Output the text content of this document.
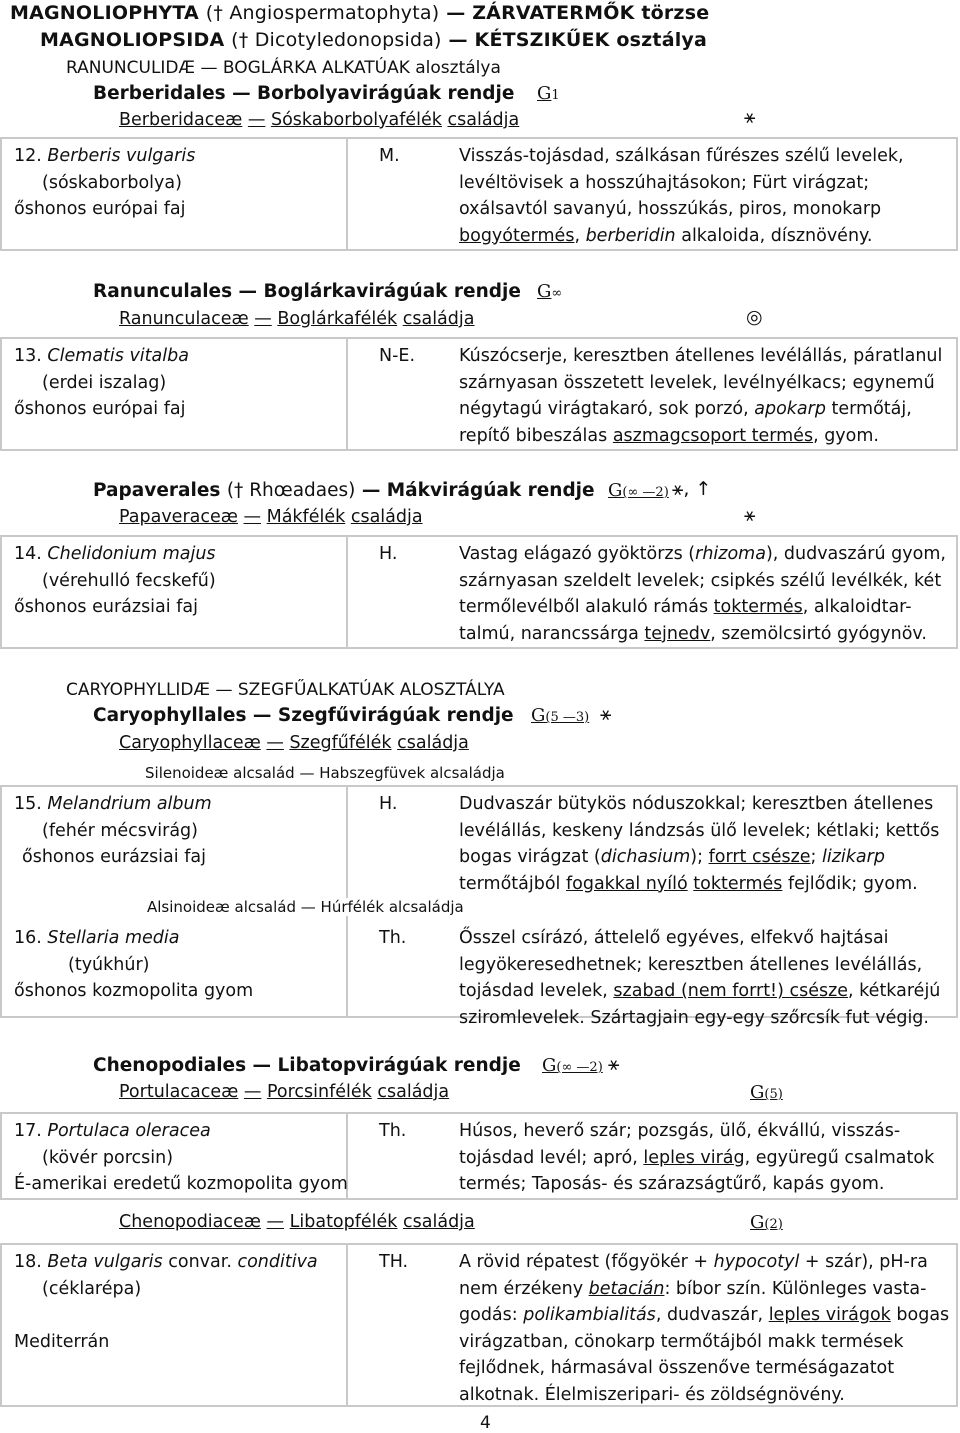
MAGNOLIOPHYTA († Angiospermatophyta) — ZÁRVATERMŐK törzse
MAGNOLIOPSIDA († Dicotyledonopsida) — KÉTSZIKŰEK osztálya
RANUNCULIDÆ — BOGLÁRKA ALKATÚAK alosztálya
Berberidales — Borbolyavirágúak rendje G1
Berberidaceæ — Sóskaborbolyafélék családja	⚹
12. Berberis vulgaris
(sóskaborbolya)
őshonos európai faj
M.	Visszás-tojásdad, szálkásan fűrészes szélű levelek,
levéltövisek a hosszúhajtásokon; Fürt virágzat;
oxálsavtól savanyú, hosszúkás, piros, monokarp
bogyótermés, berberidin alkaloida, dísznövény.
Ranunculales — Boglárkavirágúak rendje G∞
Ranunculaceæ — Boglárkafélék családja	◎
13. Clematis vitalba
(erdei iszalag)
őshonos európai faj
N-E.	Kúszócserje, keresztben átellenes levélállás, páratlanul
szárnyasan összetett levelek, levélnyélkacs; egynemű
négytagú virágtakaró, sok porzó, apokarp termőtáj,
repítő bibeszálas aszmagcsoport termés, gyom.
Papaverales († Rhœadaes) — Mákvirágúak rendje G(∞ —2) ⚹, ↑
Papaveraceæ — Mákfélék családja	⚹
14. Chelidonium majus
(vérehulló fecskefű)
őshonos eurázsiai faj
H.	Vastag elágazó gyöktörzs (rhizoma), dudvaszárú gyom,
szárnyasan szeldelt levelek; csipkés szélű levélkék, két
termőlevélből alakuló rámás toktermés, alkaloidtar-
talmú, narancssárga tejnedv, szemölcsirtó gyógynöv.
CARYOPHYLLIDÆ — SZEGFŰALKATÚAK ALOSZTÁLYA
Caryophyllales — Szegfűvirágúak rendje G(5 —3) ⚹
Caryophyllaceæ — Szegfűfélék családja
Silenoideæ alcsalád — Habszegfüvek alcsaládja
15. Melandrium album
(fehér mécsvirág)
őshonos eurázsiai faj
H.	Dudvaszár bütykös nóduszokkal; keresztben átellenes
levélállás, keskeny lándzsás ülő levelek; kétlaki; kettős
bogas virágzat (dichasium); forrt csésze; lizikarp
termőtájból fogakkal nyíló toktermés fejlődik; gyom.
Alsinoideæ alcsalád — Húrfélék alcsaládja
16. Stellaria media
(tyúkhúr)
őshonos kozmopolita gyom
Th.	Ősszel csírázó, áttelelő egyéves, elfekvő hajtásai
legyökeresedhetnek; keresztben átellenes levélállás,
tojásdad levelek, szabad (nem forrt!) csésze, kétkaréjú
sziromlevelek. Szártagjain egy-egy szőrcsík fut végig.
Chenopodiales — Libatopvirágúak rendje G(∞ —2) ⚹
Portulacaceæ — Porcsinfélék családja	G(5)
17. Portulaca oleracea
(kövér porcsin)
É-amerikai eredetű kozmopolita gyom
Th.	Húsos, heverő szár; pozsgás, ülő, ékvállú, visszás-
tojásdad levél; apró, leples virág, együregű csalmatok
termés; Taposás- és szárazságtűrő, kapás gyom.
Chenopodiaceæ — Libatopfélék családja	G(2)
18. Beta vulgaris convar. conditiva
(céklarépa)
Mediterrán
TH.	A rövid répatest (főgyökér + hypocotyl + szár), pH-ra
nem érzékeny betacián: bíbor szín. Különleges vasta-
godás: polikambialitás, dudvaszár, leples virágok bogas
virágzatban, cönokarp termőtájból makk termések
fejlődnek, hármasával összenőve terméságazatot
alkotnak. Élelmiszeripari- és zöldségnövény.
4
